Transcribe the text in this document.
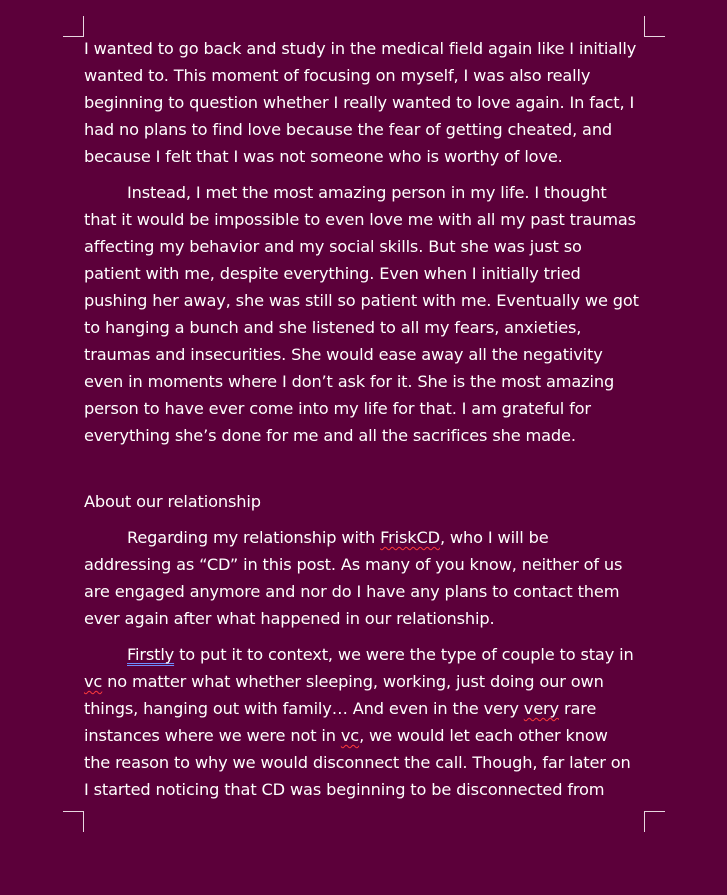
I wanted to go back and study in the medical field again like I initially
wanted to. This moment of focusing on myself, I was also really
beginning to question whether I really wanted to love again. In fact, I
had no plans to find love because the fear of getting cheated, and
because I felt that I was not someone who is worthy of love.
Instead, I met the most amazing person in my life. I thought
that it would be impossible to even love me with all my past traumas
affecting my behavior and my social skills. But she was just so
patient with me, despite everything. Even when I initially tried
pushing her away, she was still so patient with me. Eventually we got
to hanging a bunch and she listened to all my fears, anxieties,
traumas and insecurities. She would ease away all the negativity
even in moments where I don’t ask for it. She is the most amazing
person to have ever come into my life for that. I am grateful for
everything she’s done for me and all the sacrifices she made.
About our relationship
Regarding my relationship with FriskCD, who I will be
addressing as “CD” in this post. As many of you know, neither of us
are engaged anymore and nor do I have any plans to contact them
ever again after what happened in our relationship.
Firstly to put it to context, we were the type of couple to stay in
vc no matter what whether sleeping, working, just doing our own
things, hanging out with family… And even in the very very rare
instances where we were not in vc, we would let each other know
the reason to why we would disconnect the call. Though, far later on
I started noticing that CD was beginning to be disconnected from
